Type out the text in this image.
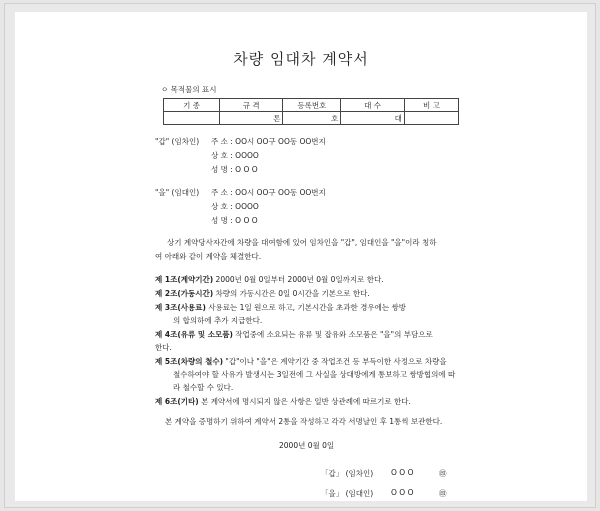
차량 임대차 계약서
ㅇ 목적물의 표시
기 종	규 격	등록번호	대 수	비 고
	톤	호	대	
"갑" (임차인) 주 소 : OO시 OO구 OO동 OO번지
상 호 : OOOO
성 명 : O O O
"을" (임대인) 주 소 : OO시 OO구 OO동 OO번지
상 호 : OOOO
성 명 : O O O
상기 계약당사자간에 차량을 대여함에 있어 임차인을 "갑", 임대인을 "을"이라 칭하
여 아래와 같이 계약을 체결한다.
제 1조(계약기간) 2000년 0월 0일부터 2000년 0월 0일까지로 한다.
제 2조(가동시간) 차량의 가동시간은 0일 0시간을 기본으로 한다.
제 3조(사용료) 사용료는 1일 원으로 하고, 기본시간을 초과한 경우에는 쌍방
의 합의하에 추가 지급한다.
제 4조(유류 및 소모품) 작업중에 소요되는 유류 및 잡유와 소모품은 "을"의 부담으로
한다.
제 5조(차량의 철수) "갑"이나 "을"은 계약기간 중 작업조건 등 부득이한 사정으로 차량을
철수하여야 할 사유가 발생시는 3일전에 그 사실을 상대방에게 통보하고 쌍방협의에 따
라 철수할 수 있다.
제 6조(기타) 본 계약서에 명시되지 않은 사항은 일반 상관례에 따르기로 한다.
본 계약을 증명하기 위하여 계약서 2통을 작성하고 각각 서명날인 후 1통씩 보관한다.
2000년 0월 0일
「갑」 (임차인) O O O	㊞
「을」 (임대인) O O O	㊞
